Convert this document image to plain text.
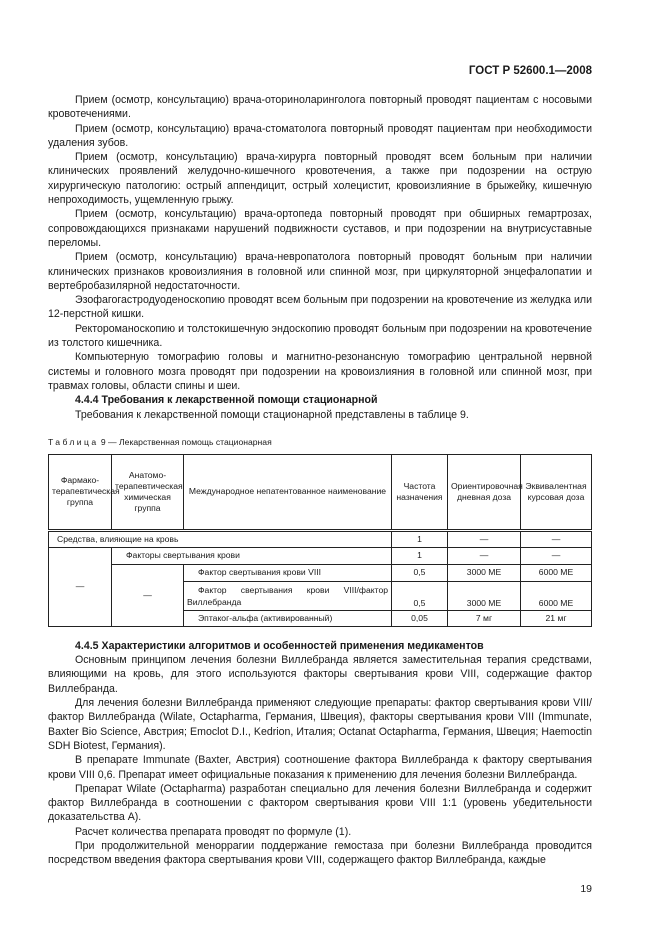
ГОСТ Р 52600.1—2008

Прием (осмотр, консультацию) врача-оториноларинголога повторный проводят пациентам с носовыми кровотечениями.

Прием (осмотр, консультацию) врача-стоматолога повторный проводят пациентам при необходимости удаления зубов.

Прием (осмотр, консультацию) врача-хирурга повторный проводят всем больным при наличии клинических проявлений желудочно-кишечного кровотечения, а также при подозрении на острую хирургическую патологию: острый аппендицит, острый холецистит, кровоизлияние в брыжейку, кишечную непроходимость, ущемленную грыжу.

Прием (осмотр, консультацию) врача-ортопеда повторный проводят при обширных гемартрозах, сопровождающихся признаками нарушений подвижности суставов, и при подозрении на внутрисуставные переломы.

Прием (осмотр, консультацию) врача-невропатолога повторный проводят больным при наличии клинических признаков кровоизлияния в головной или спинной мозг, при циркуляторной энцефалопатии и вертебробазилярной недостаточности.

Эзофагогастродуоденоскопию проводят всем больным при подозрении на кровотечение из желудка или 12-перстной кишки.

Ректороманоскопию и толстокишечную эндоскопию проводят больным при подозрении на кровотечение из толстого кишечника.

Компьютерную томографию головы и магнитно-резонансную томографию центральной нервной системы и головного мозга проводят при подозрении на кровоизлияния в головной или спинной мозг, при травмах головы, области спины и шеи.

4.4.4 Требования к лекарственной помощи стационарной

Требования к лекарственной помощи стационарной представлены в таблице 9.

Таблица 9 — Лекарственная помощь стационарная
Фармако-терапевтическая группа	Анатомо-терапевтическая химическая группа	Международное непатентованное наименование	Частота назначения	Ориентировочная дневная доза	Эквивалентная курсовая доза
Средства, влияющие на кровь			1	—	—
—	Факторы свертывания крови		1	—	—
	—	Фактор свертывания крови VIII	0,5	3000 МЕ	6000 МЕ
		Фактор свертывания крови VIII/фактор Виллебранда	0,5	3000 МЕ	6000 МЕ
		Эптаког-альфа (активированный)	0,05	7 мг	21 мг
4.4.5 Характеристики алгоритмов и особенностей применения медикаментов

Основным принципом лечения болезни Виллебранда является заместительная терапия средствами, влияющими на кровь, для этого используются факторы свертывания крови VIII, содержащие фактор Виллебранда.

Для лечения болезни Виллебранда применяют следующие препараты: фактор свертывания крови VIII/фактор Виллебранда (Wilate, Octapharma, Германия, Швеция), факторы свертывания крови VIII (Immunate, Baxter Bio Science, Австрия; Emoclot D.I., Kedrion, Италия; Octanat Octapharma, Германия, Швеция; Haemoctin SDH Biotest, Германия).

В препарате Immunate (Baxter, Австрия) соотношение фактора Виллебранда к фактору свертывания крови VIII 0,6. Препарат имеет официальные показания к применению для лечения болезни Виллебранда.

Препарат Wilate (Octapharma) разработан специально для лечения болезни Виллебранда и содержит фактор Виллебранда в соотношении с фактором свертывания крови VIII 1:1 (уровень убедительности доказательства А).

Расчет количества препарата проводят по формуле (1).

При продолжительной меноррагии поддержание гемостаза при болезни Виллебранда проводится посредством введения фактора свертывания крови VIII, содержащего фактор Виллебранда, каждые

19
